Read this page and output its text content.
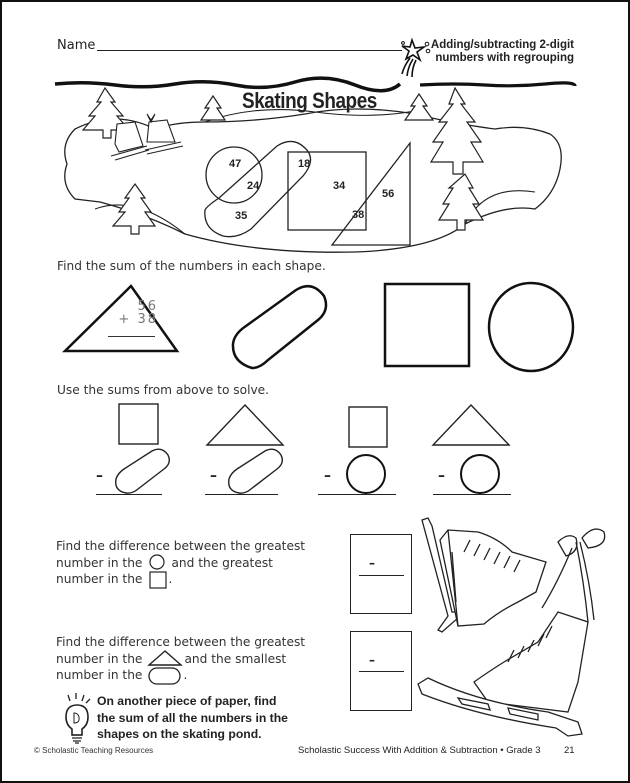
Name	Adding/subtracting 2-digit
numbers with regrouping
Skating Shapes
47
24
35
18
34
38
56
Find the sum of the numbers in each shape.
56
+ 38
Use the sums from above to solve.
–	–	–	–
Find the difference between the greatest
number in the and the greatest
number in the .
–
Find the difference between the greatest
number in the	and the smallest
number in the	.
–
On another piece of paper, find
the sum of all the numbers in the
shapes on the skating pond.
© Scholastic Teaching Resources	Scholastic Success With Addition & Subtraction • Grade 3 21
